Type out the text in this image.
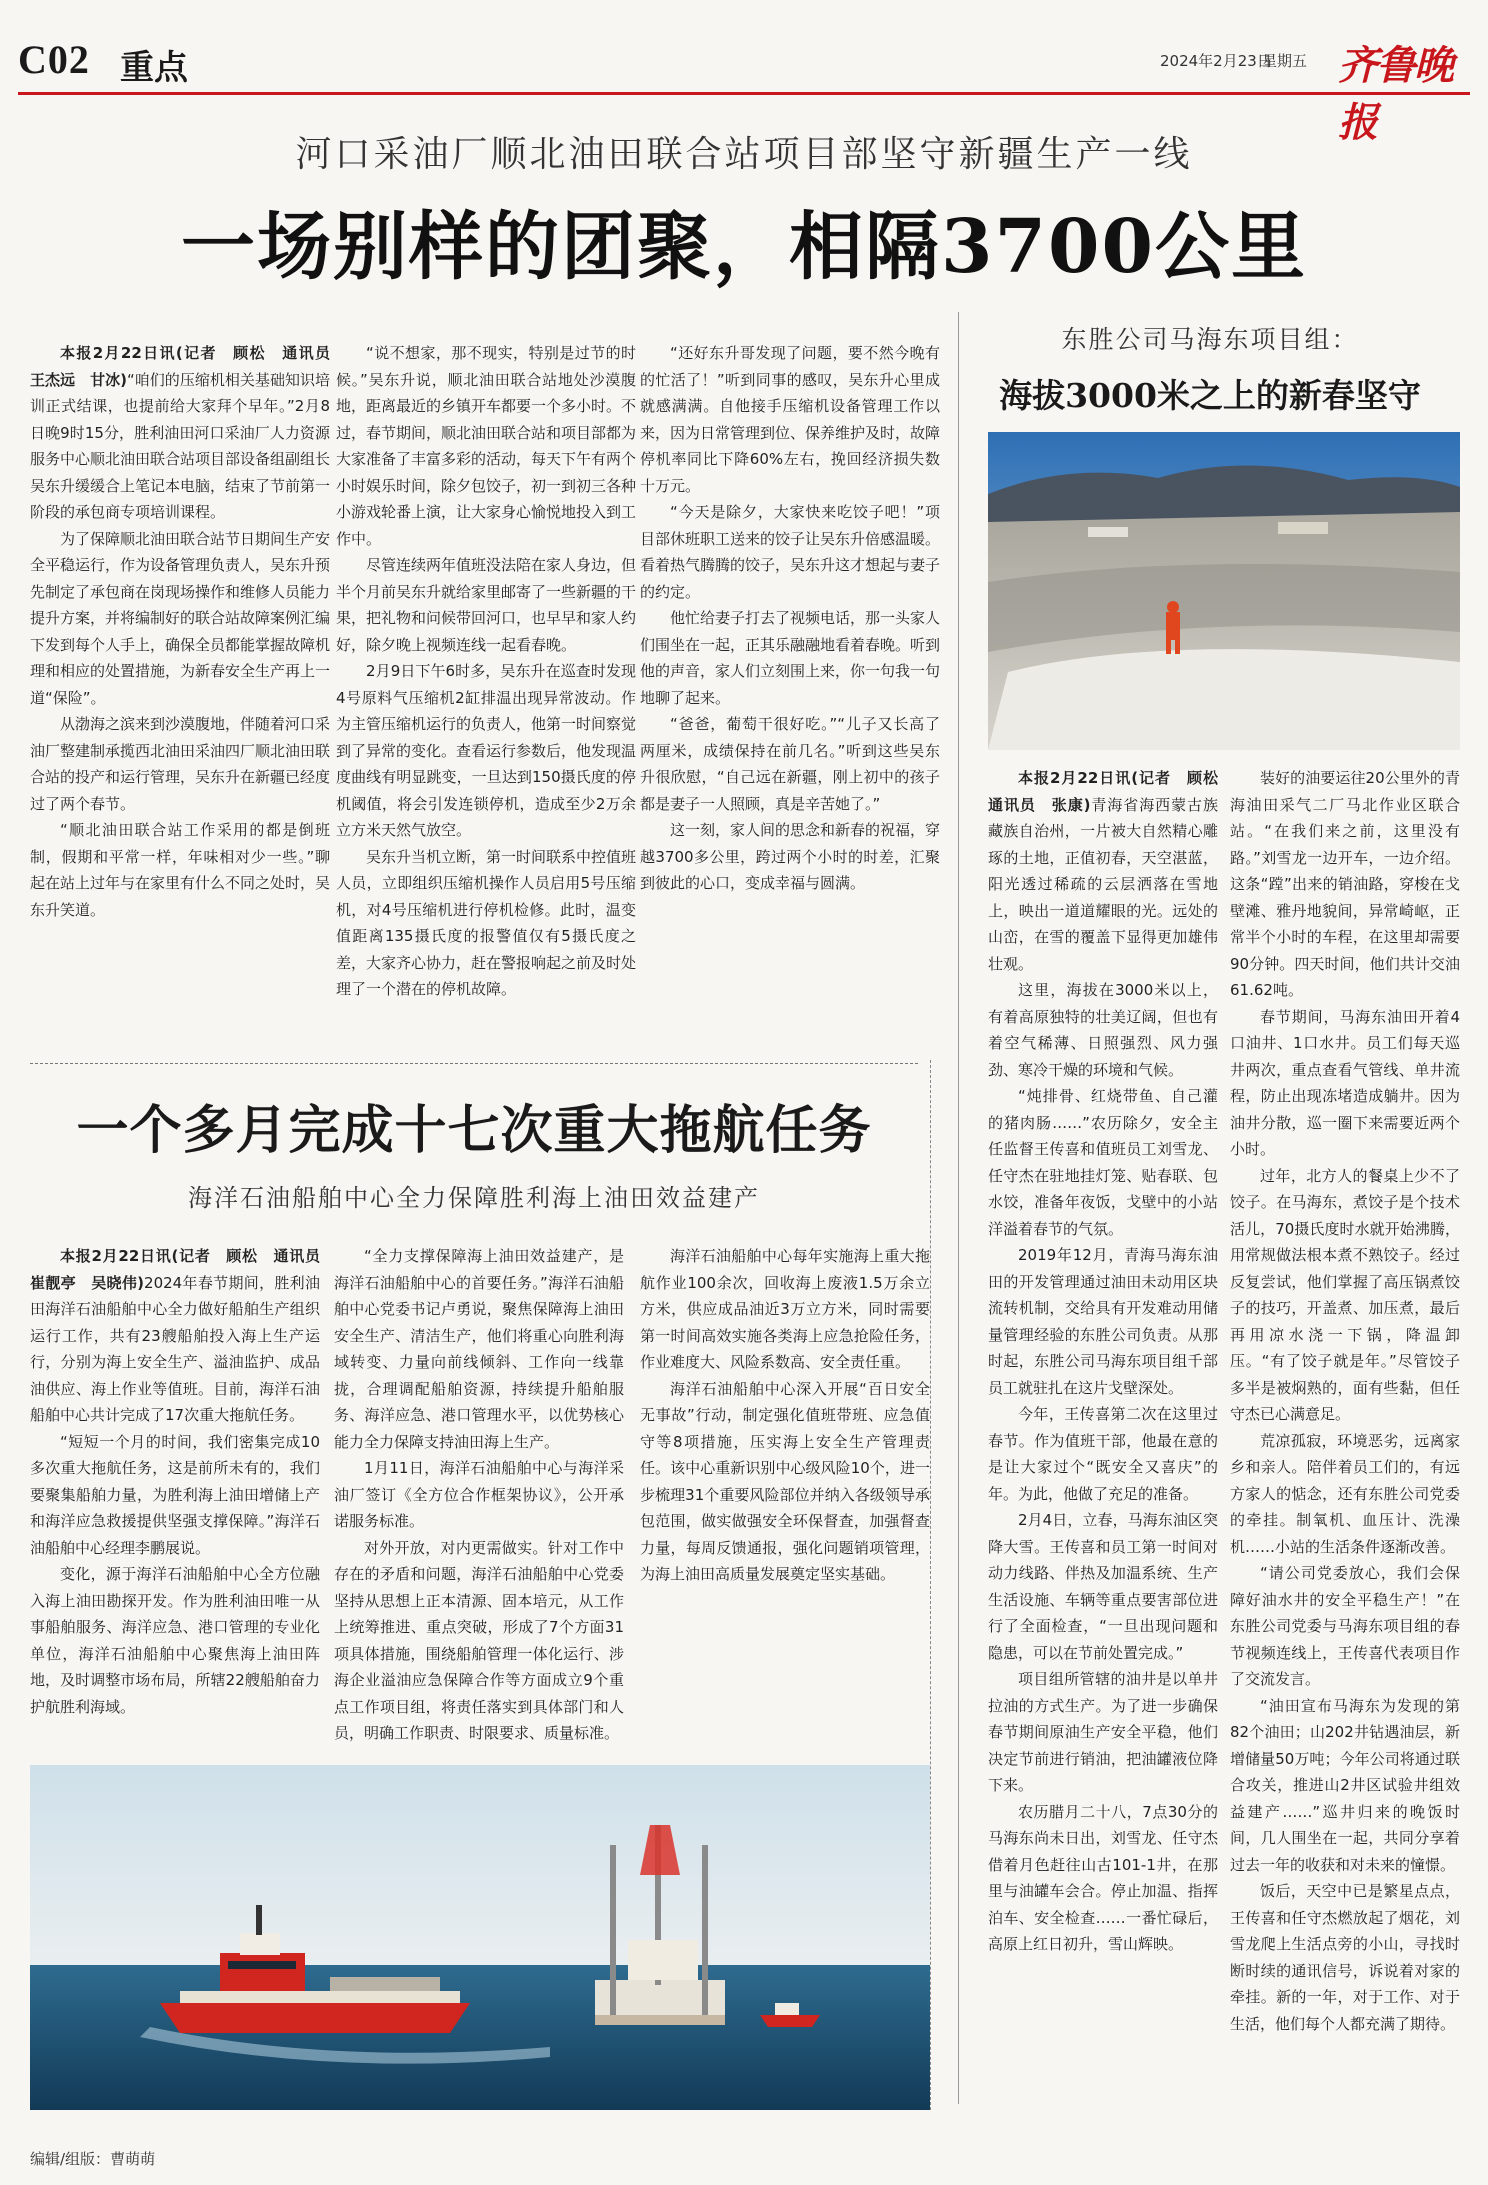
C02 重点	2024年2月23日
星期五 齐鲁晚报
河口采油厂顺北油田联合站项目部坚守新疆生产一线
一场别样的团聚，相隔3700公里

本报2月22日讯(记者　顾松　通讯员　王杰远　甘冰)“咱们的压缩机相关基础知识培训正式结课，也提前给大家拜个早年。”2月8日晚9时15分，胜利油田河口采油厂人力资源服务中心顺北油田联合站项目部设备组副组长吴东升缓缓合上笔记本电脑，结束了节前第一阶段的承包商专项培训课程。

为了保障顺北油田联合站节日期间生产安全平稳运行，作为设备管理负责人，吴东升预先制定了承包商在岗现场操作和维修人员能力提升方案，并将编制好的联合站故障案例汇编下发到每个人手上，确保全员都能掌握故障机理和相应的处置措施，为新春安全生产再上一道“保险”。

从渤海之滨来到沙漠腹地，伴随着河口采油厂整建制承揽西北油田采油四厂顺北油田联合站的投产和运行管理，吴东升在新疆已经度过了两个春节。

“顺北油田联合站工作采用的都是倒班制，假期和平常一样，年味相对少一些。”聊起在站上过年与在家里有什么不同之处时，吴东升笑道。

“说不想家，那不现实，特别是过节的时候。”吴东升说，顺北油田联合站地处沙漠腹地，距离最近的乡镇开车都要一个多小时。不过，春节期间，顺北油田联合站和项目部都为大家准备了丰富多彩的活动，每天下午有两个小时娱乐时间，除夕包饺子，初一到初三各种小游戏轮番上演，让大家身心愉悦地投入到工作中。

尽管连续两年值班没法陪在家人身边，但半个月前吴东升就给家里邮寄了一些新疆的干果，把礼物和问候带回河口，也早早和家人约好，除夕晚上视频连线一起看春晚。

2月9日下午6时多，吴东升在巡查时发现4号原料气压缩机2缸排温出现异常波动。作为主管压缩机运行的负责人，他第一时间察觉到了异常的变化。查看运行参数后，他发现温度曲线有明显跳变，一旦达到150摄氏度的停机阈值，将会引发连锁停机，造成至少2万余立方米天然气放空。

吴东升当机立断，第一时间联系中控值班人员，立即组织压缩机操作人员启用5号压缩机，对4号压缩机进行停机检修。此时，温变值距离135摄氏度的报警值仅有5摄氏度之差，大家齐心协力，赶在警报响起之前及时处理了一个潜在的停机故障。

“还好东升哥发现了问题，要不然今晚有的忙活了！”听到同事的感叹，吴东升心里成就感满满。自他接手压缩机设备管理工作以来，因为日常管理到位、保养维护及时，故障停机率同比下降60%左右，挽回经济损失数十万元。

“今天是除夕，大家快来吃饺子吧！”项目部休班职工送来的饺子让吴东升倍感温暖。看着热气腾腾的饺子，吴东升这才想起与妻子的约定。

他忙给妻子打去了视频电话，那一头家人们围坐在一起，正其乐融融地看着春晚。听到他的声音，家人们立刻围上来，你一句我一句地聊了起来。

“爸爸，葡萄干很好吃。”“儿子又长高了两厘米，成绩保持在前几名。”听到这些吴东升很欣慰，“自己远在新疆，刚上初中的孩子都是妻子一人照顾，真是辛苦她了。”

这一刻，家人间的思念和新春的祝福，穿越3700多公里，跨过两个小时的时差，汇聚到彼此的心口，变成幸福与圆满。

一个多月完成十七次重大拖航任务
海洋石油船舶中心全力保障胜利海上油田效益建产

本报2月22日讯(记者　顾松　通讯员　崔靓亭　吴晓伟)2024年春节期间，胜利油田海洋石油船舶中心全力做好船舶生产组织运行工作，共有23艘船舶投入海上生产运行，分别为海上安全生产、溢油监护、成品油供应、海上作业等值班。目前，海洋石油船舶中心共计完成了17次重大拖航任务。

“短短一个月的时间，我们密集完成10多次重大拖航任务，这是前所未有的，我们要聚集船舶力量，为胜利海上油田增储上产和海洋应急救援提供坚强支撑保障。”海洋石油船舶中心经理李鹏展说。

变化，源于海洋石油船舶中心全方位融入海上油田勘探开发。作为胜利油田唯一从事船舶服务、海洋应急、港口管理的专业化单位，海洋石油船舶中心聚焦海上油田阵地，及时调整市场布局，所辖22艘船舶奋力护航胜利海域。

“全力支撑保障海上油田效益建产，是海洋石油船舶中心的首要任务。”海洋石油船舶中心党委书记卢勇说，聚焦保障海上油田安全生产、清洁生产，他们将重心向胜利海域转变、力量向前线倾斜、工作向一线靠拢，合理调配船舶资源，持续提升船舶服务、海洋应急、港口管理水平，以优势核心能力全力保障支持油田海上生产。

1月11日，海洋石油船舶中心与海洋采油厂签订《全方位合作框架协议》，公开承诺服务标准。

对外开放，对内更需做实。针对工作中存在的矛盾和问题，海洋石油船舶中心党委坚持从思想上正本清源、固本培元，从工作上统筹推进、重点突破，形成了7个方面31项具体措施，围绕船舶管理一体化运行、涉海企业溢油应急保障合作等方面成立9个重点工作项目组，将责任落实到具体部门和人员，明确工作职责、时限要求、质量标准。

海洋石油船舶中心每年实施海上重大拖航作业100余次，回收海上废液1.5万余立方米，供应成品油近3万立方米，同时需要第一时间高效实施各类海上应急抢险任务，作业难度大、风险系数高、安全责任重。

海洋石油船舶中心深入开展“百日安全无事故”行动，制定强化值班带班、应急值守等8项措施，压实海上安全生产管理责任。该中心重新识别中心级风险10个，进一步梳理31个重要风险部位并纳入各级领导承包范围，做实做强安全环保督查，加强督查力量，每周反馈通报，强化问题销项管理，为海上油田高质量发展奠定坚实基础。

东胜公司马海东项目组：
海拔3000米之上的新春坚守

本报2月22日讯(记者　顾松　通讯员　张康)青海省海西蒙古族藏族自治州，一片被大自然精心雕琢的土地，正值初春，天空湛蓝，阳光透过稀疏的云层洒落在雪地上，映出一道道耀眼的光。远处的山峦，在雪的覆盖下显得更加雄伟壮观。

这里，海拔在3000米以上，有着高原独特的壮美辽阔，但也有着空气稀薄、日照强烈、风力强劲、寒冷干燥的环境和气候。

“炖排骨、红烧带鱼、自己灌的猪肉肠……”农历除夕，安全主任监督王传喜和值班员工刘雪龙、任守杰在驻地挂灯笼、贴春联、包水饺，准备年夜饭，戈壁中的小站洋溢着春节的气氛。

2019年12月，青海马海东油田的开发管理通过油田未动用区块流转机制，交给具有开发难动用储量管理经验的东胜公司负责。从那时起，东胜公司马海东项目组千部员工就驻扎在这片戈壁深处。

今年，王传喜第二次在这里过春节。作为值班干部，他最在意的是让大家过个“既安全又喜庆”的年。为此，他做了充足的准备。

2月4日，立春，马海东油区突降大雪。王传喜和员工第一时间对动力线路、伴热及加温系统、生产生活设施、车辆等重点要害部位进行了全面检查，“一旦出现问题和隐患，可以在节前处置完成。”

项目组所管辖的油井是以单井拉油的方式生产。为了进一步确保春节期间原油生产安全平稳，他们决定节前进行销油，把油罐液位降下来。

农历腊月二十八，7点30分的马海东尚未日出，刘雪龙、任守杰借着月色赶往山古101-1井，在那里与油罐车会合。停止加温、指挥泊车、安全检查……一番忙碌后，高原上红日初升，雪山辉映。

装好的油要运往20公里外的青海油田采气二厂马北作业区联合站。“在我们来之前，这里没有路。”刘雪龙一边开车，一边介绍。这条“蹚”出来的销油路，穿梭在戈壁滩、雅丹地貌间，异常崎岖，正常半个小时的车程，在这里却需要90分钟。四天时间，他们共计交油61.62吨。

春节期间，马海东油田开着4口油井、1口水井。员工们每天巡井两次，重点查看气管线、单井流程，防止出现冻堵造成躺井。因为油井分散，巡一圈下来需要近两个小时。

过年，北方人的餐桌上少不了饺子。在马海东，煮饺子是个技术活儿，70摄氏度时水就开始沸腾，用常规做法根本煮不熟饺子。经过反复尝试，他们掌握了高压锅煮饺子的技巧，开盖煮、加压煮，最后再用凉水浇一下锅，降温卸压。“有了饺子就是年。”尽管饺子多半是被焖熟的，面有些黏，但任守杰已心满意足。

荒凉孤寂，环境恶劣，远离家乡和亲人。陪伴着员工们的，有远方家人的惦念，还有东胜公司党委的牵挂。制氧机、血压计、洗澡机……小站的生活条件逐渐改善。

“请公司党委放心，我们会保障好油水井的安全平稳生产！”在东胜公司党委与马海东项目组的春节视频连线上，王传喜代表项目作了交流发言。

“油田宣布马海东为发现的第82个油田；山202井钻遇油层，新增储量50万吨；今年公司将通过联合攻关，推进山2井区试验井组效益建产……”巡井归来的晚饭时间，几人围坐在一起，共同分享着过去一年的收获和对未来的憧憬。

饭后，天空中已是繁星点点，王传喜和任守杰燃放起了烟花，刘雪龙爬上生活点旁的小山，寻找时断时续的通讯信号，诉说着对家的牵挂。新的一年，对于工作、对于生活，他们每个人都充满了期待。

编辑/组版：曹萌萌
